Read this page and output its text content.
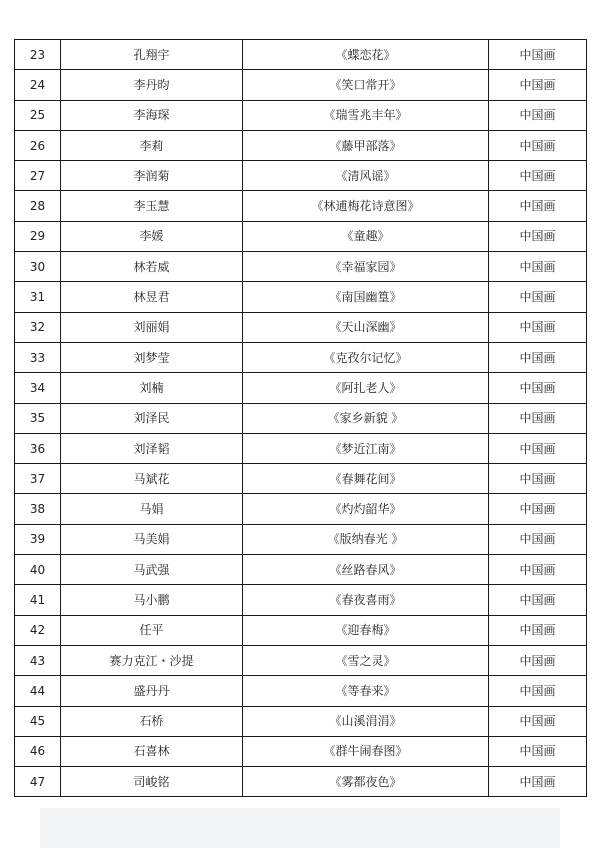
23	孔翔宇	《蝶恋花》	中国画
24	李丹昀	《笑口常开》	中国画
25	李海琛	《瑞雪兆丰年》	中国画
26	李莉	《藤甲部落》	中国画
27	李润菊	《清风谣》	中国画
28	李玉慧	《林逋梅花诗意图》	中国画
29	李媛	《童趣》	中国画
30	林若威	《幸福家园》	中国画
31	林昱君	《南国幽篁》	中国画
32	刘丽娟	《天山深幽》	中国画
33	刘梦莹	《克孜尔记忆》	中国画
34	刘楠	《阿扎老人》	中国画
35	刘泽民	《家乡新貌 》	中国画
36	刘泽韬	《梦近江南》	中国画
37	马斌花	《春舞花间》	中国画
38	马娟	《灼灼韶华》	中国画
39	马美娟	《版纳春光 》	中国画
40	马武强	《丝路春风》	中国画
41	马小鹏	《春夜喜雨》	中国画
42	任平	《迎春梅》	中国画
43	赛力克江・沙提	《雪之灵》	中国画
44	盛丹丹	《等春来》	中国画
45	石桥	《山溪涓涓》	中国画
46	石喜林	《群牛闹春图》	中国画
47	司峻铭	《雾都夜色》	中国画
